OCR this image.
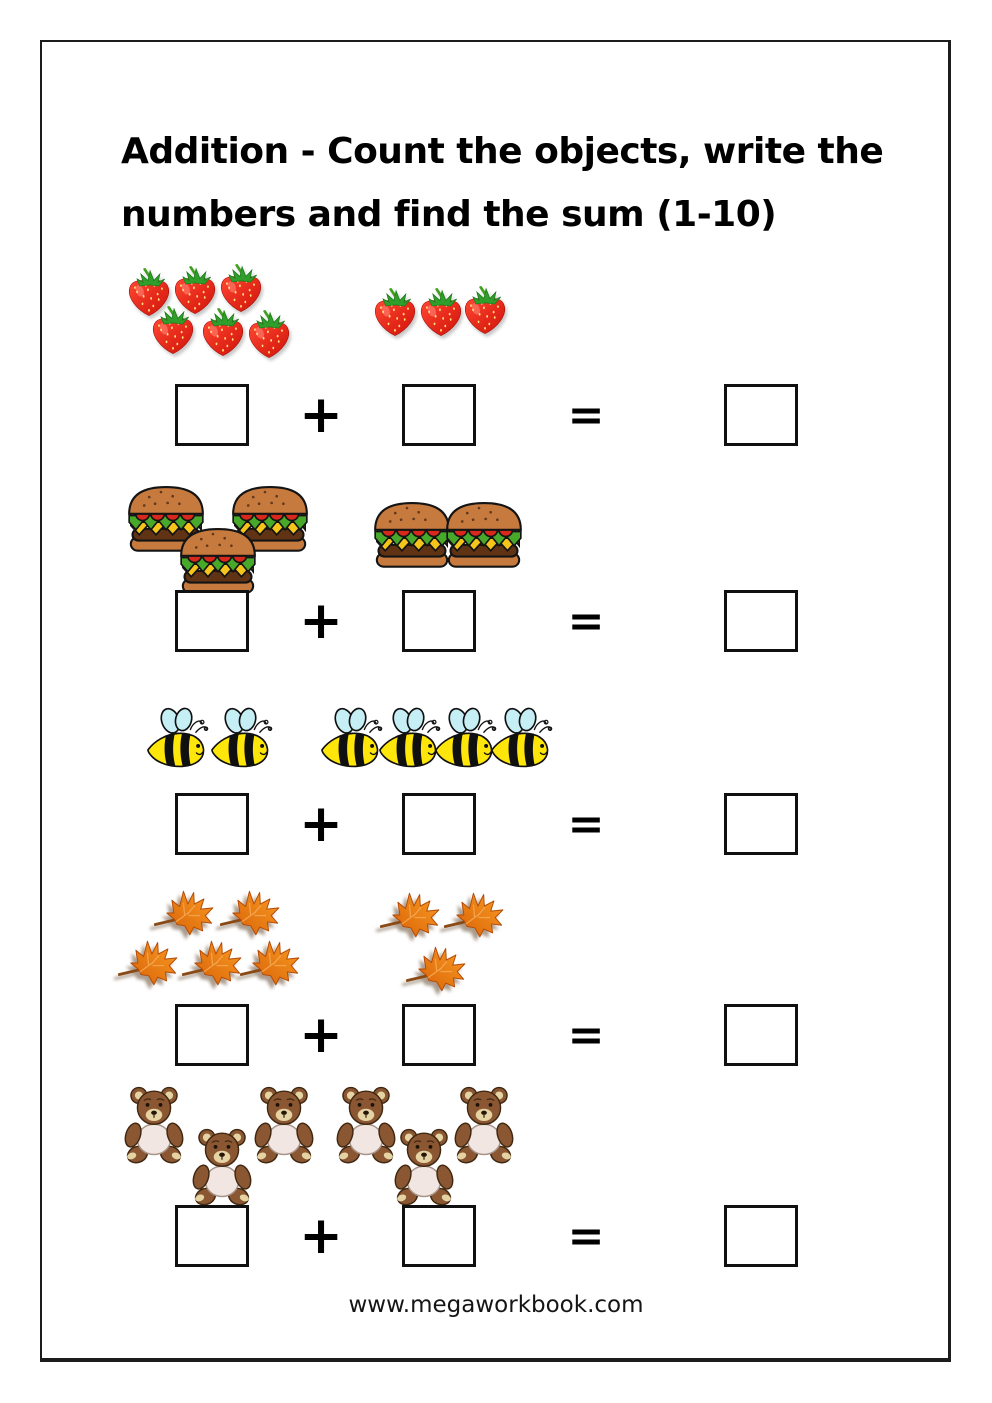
Addition - Count the objects, write the
numbers and find the sum (1-10)
+	=
+	=
+	=
+	=
+	=
www.megaworkbook.com
